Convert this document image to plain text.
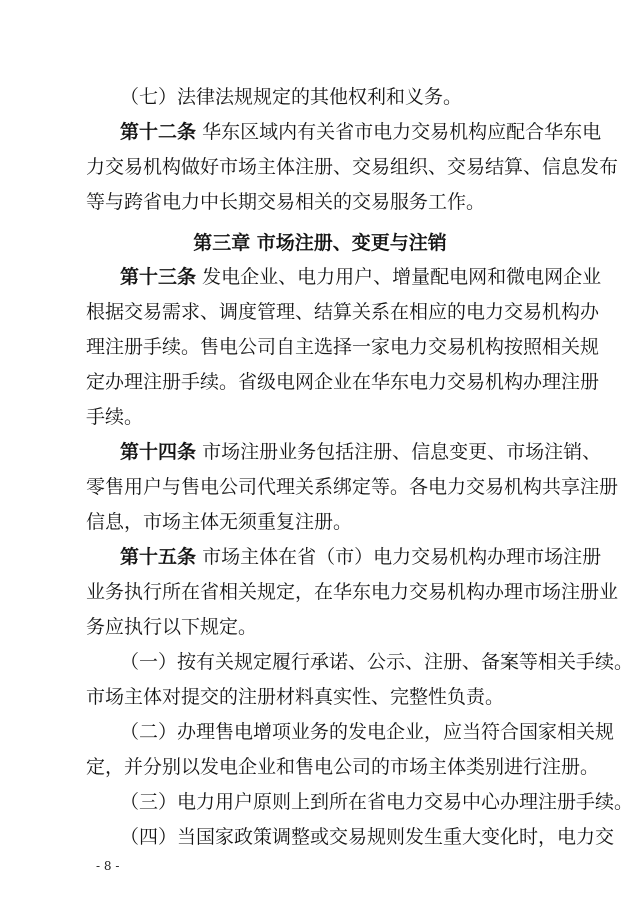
（七）法律法规规定的其他权利和义务。
第十二条 华东区域内有关省市电力交易机构应配合华东电
力交易机构做好市场主体注册、交易组织、交易结算、信息发布
等与跨省电力中长期交易相关的交易服务工作。
第三章 市场注册、变更与注销
第十三条 发电企业、电力用户、增量配电网和微电网企业
根据交易需求、调度管理、结算关系在相应的电力交易机构办
理注册手续。售电公司自主选择一家电力交易机构按照相关规
定办理注册手续。省级电网企业在华东电力交易机构办理注册
手续。
第十四条 市场注册业务包括注册、信息变更、市场注销、
零售用户与售电公司代理关系绑定等。各电力交易机构共享注册
信息，市场主体无须重复注册。
第十五条 市场主体在省（市）电力交易机构办理市场注册
业务执行所在省相关规定，在华东电力交易机构办理市场注册业
务应执行以下规定。
（一）按有关规定履行承诺、公示、注册、备案等相关手续。
市场主体对提交的注册材料真实性、完整性负责。
（二）办理售电增项业务的发电企业，应当符合国家相关规
定，并分别以发电企业和售电公司的市场主体类别进行注册。
（三）电力用户原则上到所在省电力交易中心办理注册手续。
（四）当国家政策调整或交易规则发生重大变化时，电力交
- 8 -
